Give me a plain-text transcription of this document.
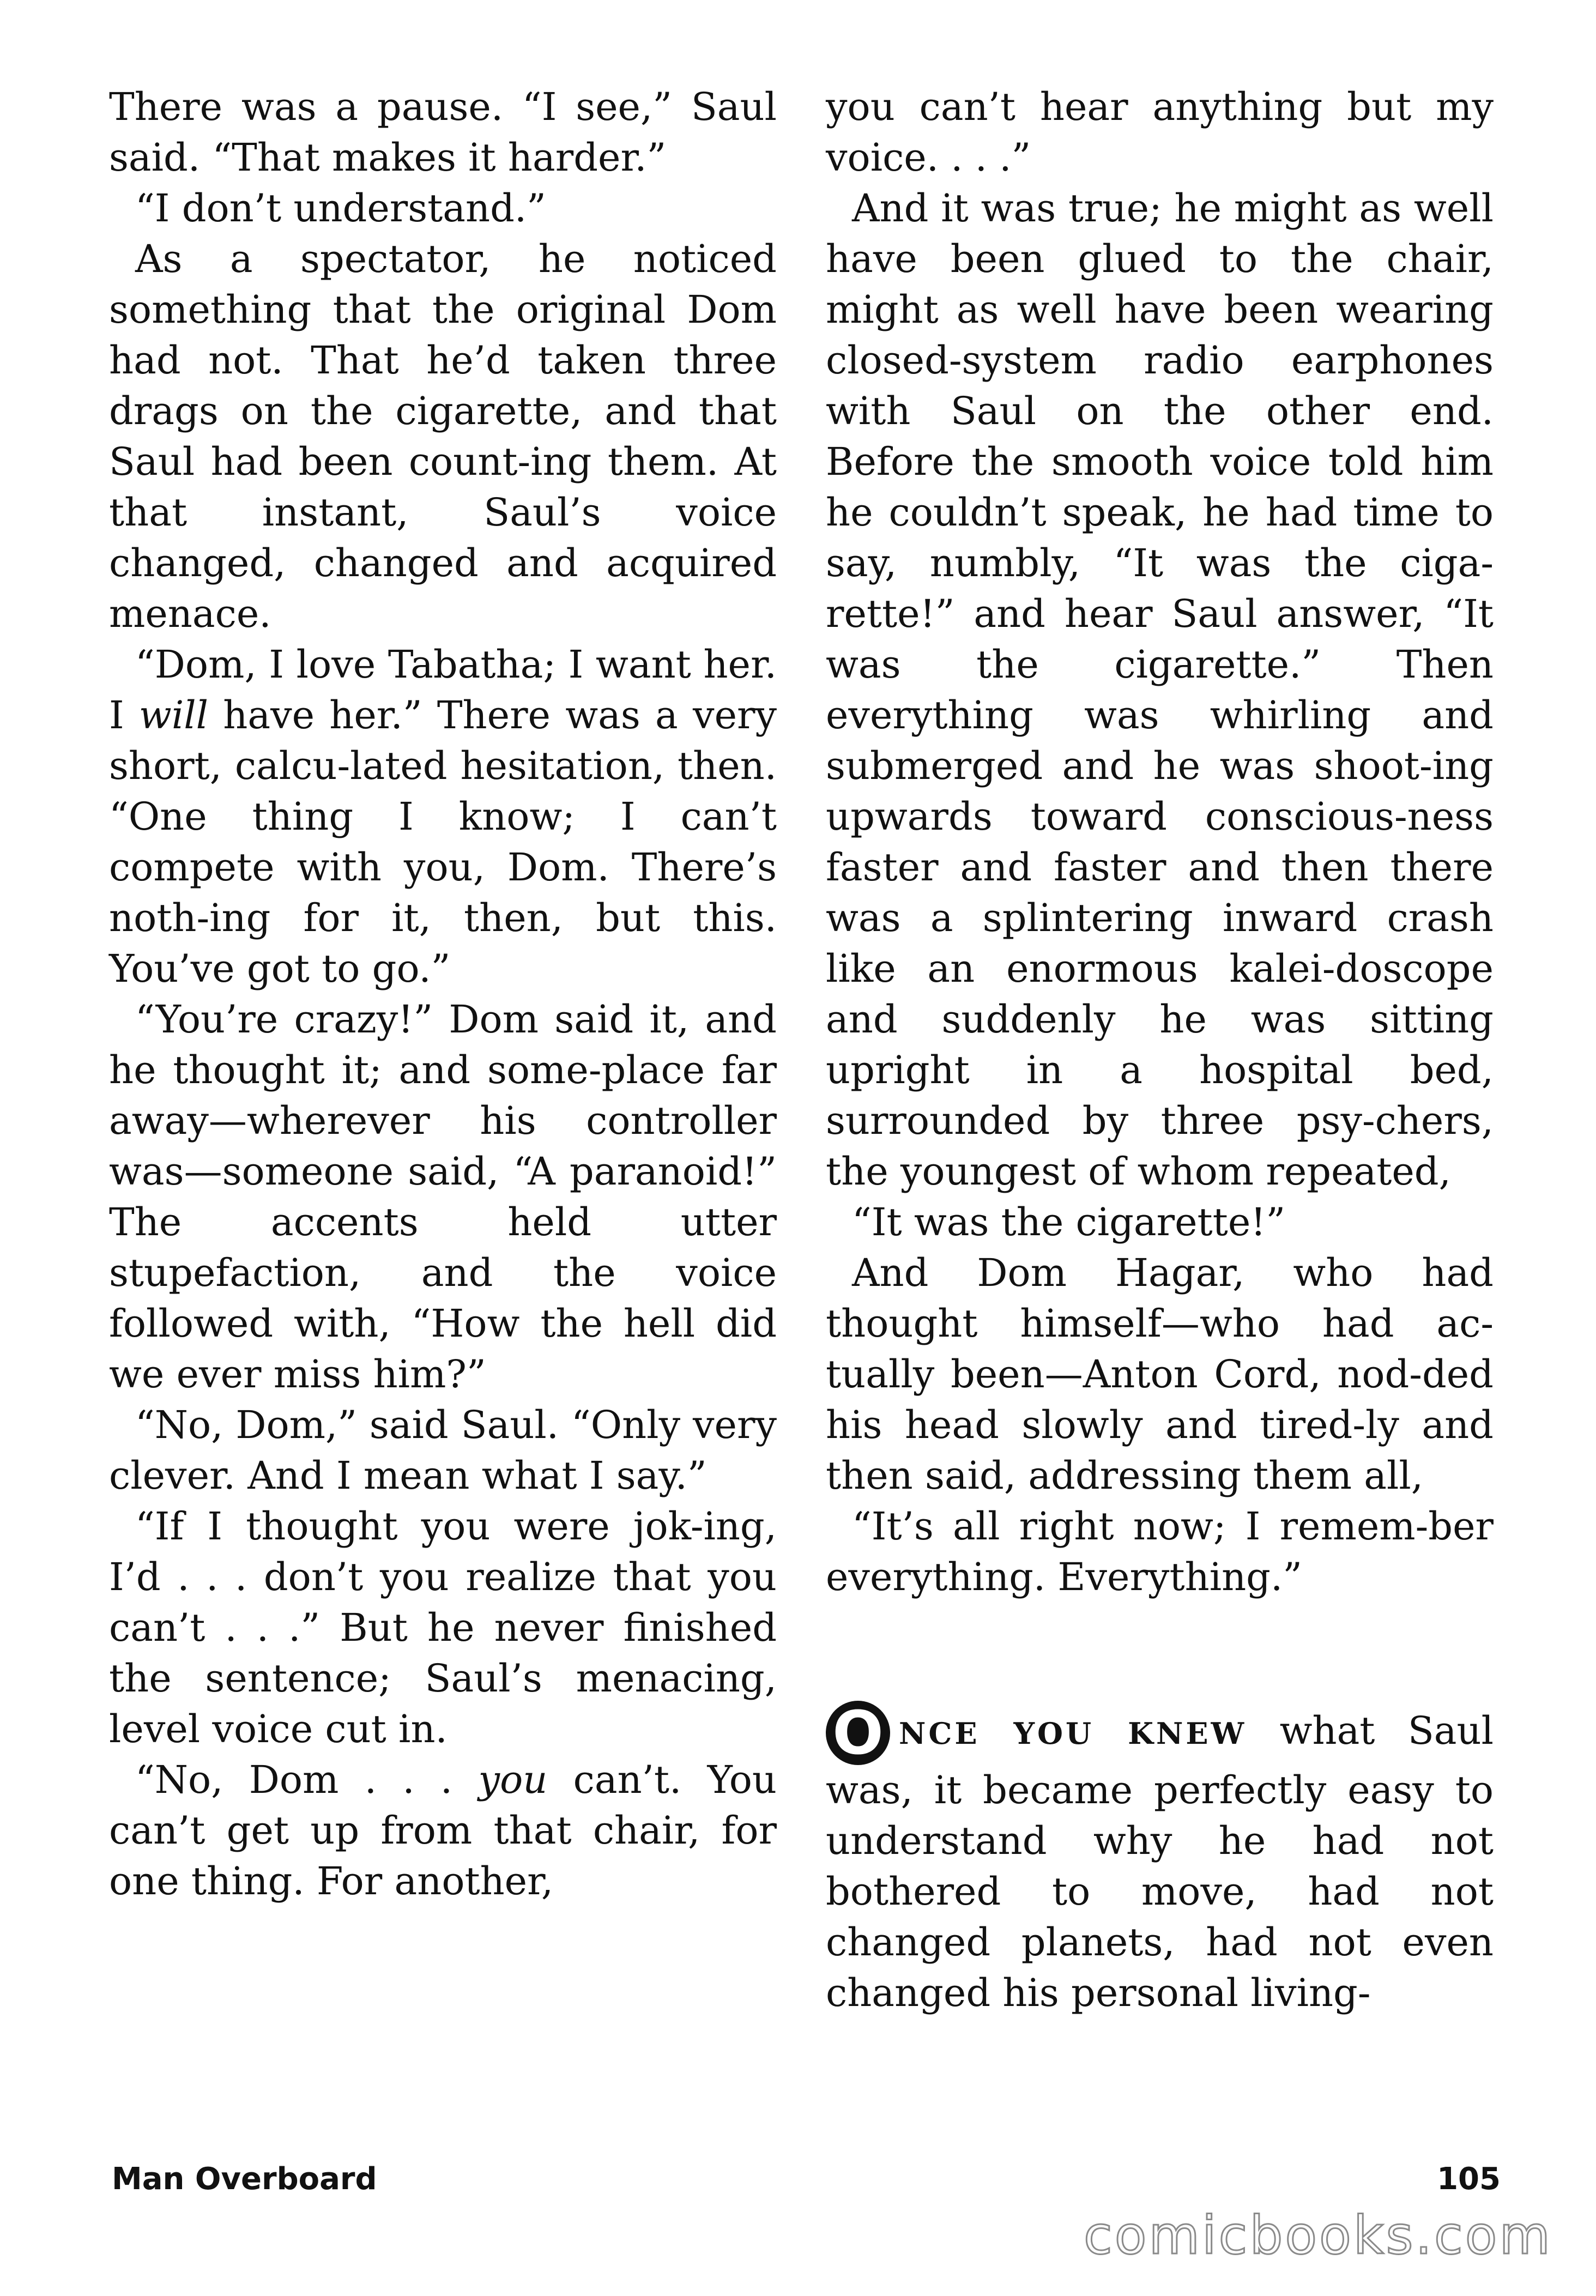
There was a pause. “I see,” Saul said. “That makes it harder.”

“I don’t understand.”

As a spectator, he noticed something that the original Dom had not. That he’d taken three drags on the cigarette, and that Saul had been count-ing them. At that instant, Saul’s voice changed, changed and acquired menace.

“Dom, I love Tabatha; I want her. I will have her.” There was a very short, calcu-lated hesitation, then. “One thing I know; I can’t compete with you, Dom. There’s noth-ing for it, then, but this. You’ve got to go.”

“You’re crazy!” Dom said it, and he thought it; and some-place far away—wherever his controller was—someone said, “A paranoid!” The accents held utter stupefaction, and the voice followed with, “How the hell did we ever miss him?”

“No, Dom,” said Saul. “Only very clever. And I mean what I say.”

“If I thought you were jok-ing, I’d . . . don’t you realize that you can’t . . .” But he never finished the sentence; Saul’s menacing, level voice cut in.

“No, Dom . . . you can’t. You can’t get up from that chair, for one thing. For another,

you can’t hear anything but my voice. . . .”

And it was true; he might as well have been glued to the chair, might as well have been wearing closed-system radio earphones with Saul on the other end. Before the smooth voice told him he couldn’t speak, he had time to say, numbly, “It was the ciga-rette!” and hear Saul answer, “It was the cigarette.” Then everything was whirling and submerged and he was shoot-ing upwards toward conscious-ness faster and faster and then there was a splintering inward crash like an enormous kalei-doscope and suddenly he was sitting upright in a hospital bed, surrounded by three psy-chers, the youngest of whom repeated,

“It was the cigarette!”

And Dom Hagar, who had thought himself—who had ac-tually been—Anton Cord, nod-ded his head slowly and tired-ly and then said, addressing them all,

“It’s all right now; I remem-ber everything. Everything.”

O NCE YOU KNEW what Saul was, it became perfectly easy to understand why he had not bothered to move, had not changed planets, had not even changed his personal living-

Man Overboard	105
comicbooks.com
